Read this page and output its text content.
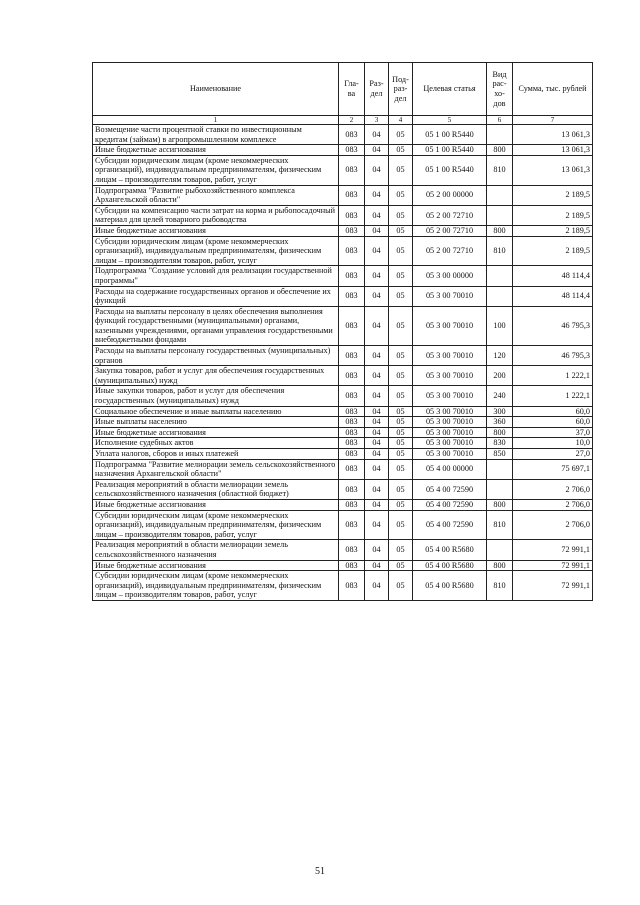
Наименование	Гла-ва	Раз-дел	Под-раз-дел	Целевая статья	Вид рас-хо-дов	Сумма, тыс. рублей
1	2	3	4	5	6	7
Возмещение части процентной ставки по инвестиционным кредитам (займам) в агропромышленном комплексе	083	04	05	05 1 00 R5440		13 061,3
Иные бюджетные ассигнования	083	04	05	05 1 00 R5440	800	13 061,3
Субсидии юридическим лицам (кроме некоммерческих организаций), индивидуальным предпринимателям, физическим лицам – производителям товаров, работ, услуг	083	04	05	05 1 00 R5440	810	13 061,3
Подпрограмма "Развитие рыбохозяйственного комплекса Архангельской области"	083	04	05	05 2 00 00000		2 189,5
Субсидии на компенсацию части затрат на корма и рыбопосадочный материал для целей товарного рыбоводства	083	04	05	05 2 00 72710		2 189,5
Иные бюджетные ассигнования	083	04	05	05 2 00 72710	800	2 189,5
Субсидии юридическим лицам (кроме некоммерческих организаций), индивидуальным предпринимателям, физическим лицам – производителям товаров, работ, услуг	083	04	05	05 2 00 72710	810	2 189,5
Подпрограмма "Создание условий для реализации государственной программы"	083	04	05	05 3 00 00000		48 114,4
Расходы на содержание государственных органов и обеспечение их функций	083	04	05	05 3 00 70010		48 114,4
Расходы на выплаты персоналу в целях обеспечения выполнения функций государственными (муниципальными) органами, казенными учреждениями, органами управления государственными внебюджетными фондами	083	04	05	05 3 00 70010	100	46 795,3
Расходы на выплаты персоналу государственных (муниципальных) органов	083	04	05	05 3 00 70010	120	46 795,3
Закупка товаров, работ и услуг для обеспечения государственных (муниципальных) нужд	083	04	05	05 3 00 70010	200	1 222,1
Иные закупки товаров, работ и услуг для обеспечения государственных (муниципальных) нужд	083	04	05	05 3 00 70010	240	1 222,1
Социальное обеспечение и иные выплаты населению	083	04	05	05 3 00 70010	300	60,0
Иные выплаты населению	083	04	05	05 3 00 70010	360	60,0
Иные бюджетные ассигнования	083	04	05	05 3 00 70010	800	37,0
Исполнение судебных актов	083	04	05	05 3 00 70010	830	10,0
Уплата налогов, сборов и иных платежей	083	04	05	05 3 00 70010	850	27,0
Подпрограмма "Развитие мелиорации земель сельскохозяйственного назначения Архангельской области"	083	04	05	05 4 00 00000		75 697,1
Реализация мероприятий в области мелиорации земель сельскохозяйственного назначения (областной бюджет)	083	04	05	05 4 00 72590		2 706,0
Иные бюджетные ассигнования	083	04	05	05 4 00 72590	800	2 706,0
Субсидии юридическим лицам (кроме некоммерческих организаций), индивидуальным предпринимателям, физическим лицам – производителям товаров, работ, услуг	083	04	05	05 4 00 72590	810	2 706,0
Реализация мероприятий в области мелиорации земель сельскохозяйственного назначения	083	04	05	05 4 00 R5680		72 991,1
Иные бюджетные ассигнования	083	04	05	05 4 00 R5680	800	72 991,1
Субсидии юридическим лицам (кроме некоммерческих организаций), индивидуальным предпринимателям, физическим лицам – производителям товаров, работ, услуг	083	04	05	05 4 00 R5680	810	72 991,1
51
